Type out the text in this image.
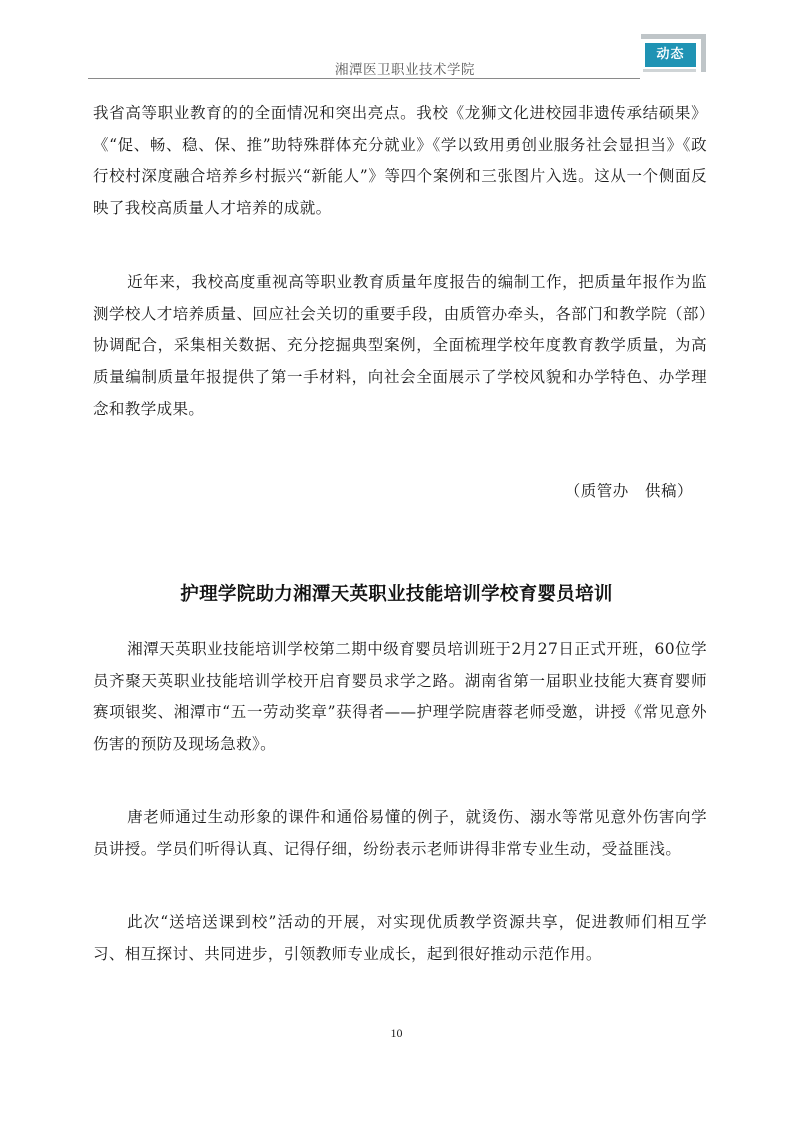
湘潭医卫职业技术学院
动态

我省高等职业教育的的全面情况和突出亮点。我校《龙狮文化进校园非遗传承结硕果》《“促、畅、稳、保、推”助特殊群体充分就业》《学以致用勇创业服务社会显担当》《政行校村深度融合培养乡村振兴“新能人”》等四个案例和三张图片入选。这从一个侧面反映了我校高质量人才培养的成就。

近年来，我校高度重视高等职业教育质量年度报告的编制工作，把质量年报作为监测学校人才培养质量、回应社会关切的重要手段，由质管办牵头，各部门和教学院（部）协调配合，采集相关数据、充分挖掘典型案例，全面梳理学校年度教育教学质量，为高质量编制质量年报提供了第一手材料，向社会全面展示了学校风貌和办学特色、办学理念和教学成果。

（质管办   供稿）
护理学院助力湘潭天英职业技能培训学校育婴员培训

湘潭天英职业技能培训学校第二期中级育婴员培训班于2月27日正式开班，60位学员齐聚天英职业技能培训学校开启育婴员求学之路。湖南省第一届职业技能大赛育婴师赛项银奖、湘潭市“五一劳动奖章”获得者——护理学院唐蓉老师受邀，讲授《常见意外伤害的预防及现场急救》。

唐老师通过生动形象的课件和通俗易懂的例子，就烫伤、溺水等常见意外伤害向学员讲授。学员们听得认真、记得仔细，纷纷表示老师讲得非常专业生动，受益匪浅。

此次“送培送课到校”活动的开展，对实现优质教学资源共享，促进教师们相互学习、相互探讨、共同进步，引领教师专业成长，起到很好推动示范作用。

10
